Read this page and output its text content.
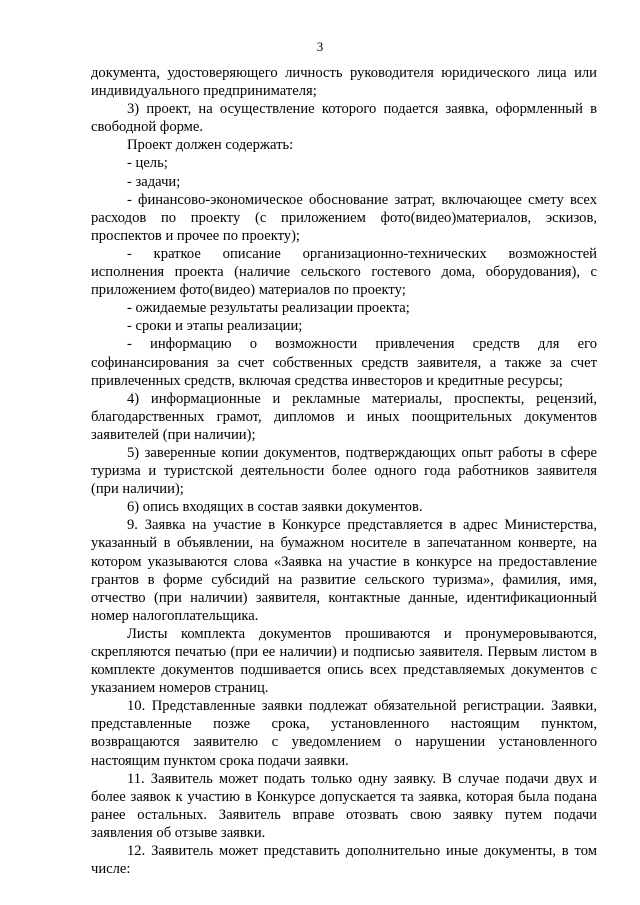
3

документа, удостоверяющего личность руководителя юридического лица или индивидуального предпринимателя;

3) проект, на осуществление которого подается заявка, оформленный в свободной форме.

Проект должен содержать:

- цель;

- задачи;

- финансово-экономическое обоснование затрат, включающее смету всех расходов по проекту (с приложением фото(видео)материалов, эскизов, проспектов и прочее по проекту);

- краткое описание организационно-технических возможностей исполнения проекта (наличие сельского гостевого дома, оборудования), с приложением фото(видео) материалов по проекту;

- ожидаемые результаты реализации проекта;

- сроки и этапы реализации;

- информацию о возможности привлечения средств для его софинансирования за счет собственных средств заявителя, а также за счет привлеченных средств, включая средства инвесторов и кредитные ресурсы;

4) информационные и рекламные материалы, проспекты, рецензий, благодарственных грамот, дипломов и иных поощрительных документов заявителей (при наличии);

5) заверенные копии документов, подтверждающих опыт работы в сфере туризма и туристской деятельности более одного года работников заявителя (при наличии);

6) опись входящих в состав заявки документов.

9. Заявка на участие в Конкурсе представляется в адрес Министерства, указанный в объявлении, на бумажном носителе в запечатанном конверте, на котором указываются слова «Заявка на участие в конкурсе на предоставление грантов в форме субсидий на развитие сельского туризма», фамилия, имя, отчество (при наличии) заявителя, контактные данные, идентификационный номер налогоплательщика.

Листы комплекта документов прошиваются и пронумеровываются, скрепляются печатью (при ее наличии) и подписью заявителя. Первым листом в комплекте документов подшивается опись всех представляемых документов с указанием номеров страниц.

10. Представленные заявки подлежат обязательной регистрации. Заявки, представленные позже срока, установленного настоящим пунктом, возвращаются заявителю с уведомлением о нарушении установленного настоящим пунктом срока подачи заявки.

11. Заявитель может подать только одну заявку. В случае подачи двух и более заявок к участию в Конкурсе допускается та заявка, которая была подана ранее остальных. Заявитель вправе отозвать свою заявку путем подачи заявления об отзыве заявки.

12. Заявитель может представить дополнительно иные документы, в том числе:
